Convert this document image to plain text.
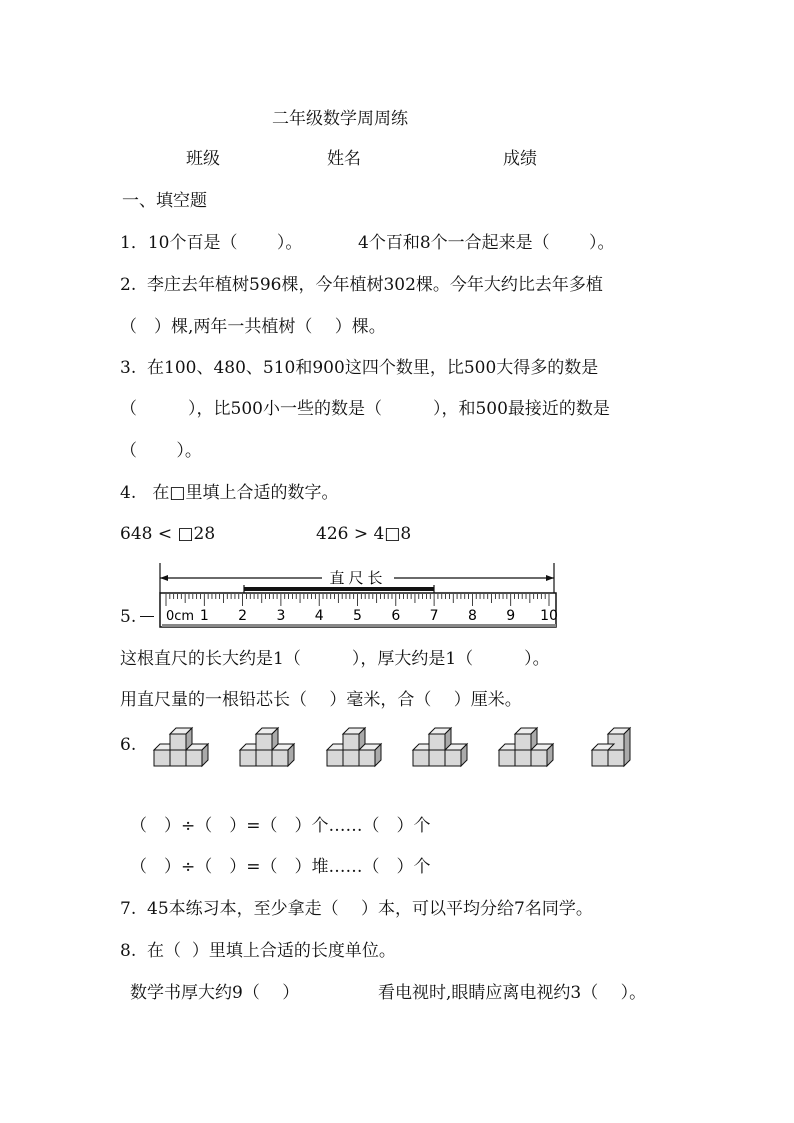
二年级数学周周练
班级	姓名	成绩
一、填空题
1．10个百是（　　 ）。	4个百和8个一合起来是（　　 ）。
2.  李庄去年植树596棵，今年植树302棵。今年大约比去年多植
（　）棵,两年一共植树（　 ）棵。
3.  在100、480、510和900这四个数里，比500大得多的数是
（　　　），比500小一些的数是（　　　），和500最接近的数是
（　　 ）。
4.   在□里填上合适的数字。
648 < □28	426 > 4□8
5.
直尺长
0cm 1 2 3 4 5 6 7 8 9 10
这根直尺的长大约是1（　　　），厚大约是1（　　　）。
用直尺量的一根铅芯长（　 ）毫米，合（　 ）厘米。
6.
（　）÷（　）=（　）个……（　）个
（　）÷（　）=（　）堆……（　）个
7.  45本练习本，至少拿走（　 ）本，可以平均分给7名同学。
8.  在（  ）里填上合适的长度单位。
数学书厚大约9（　 ）	看电视时,眼睛应离电视约3（　 ）。
